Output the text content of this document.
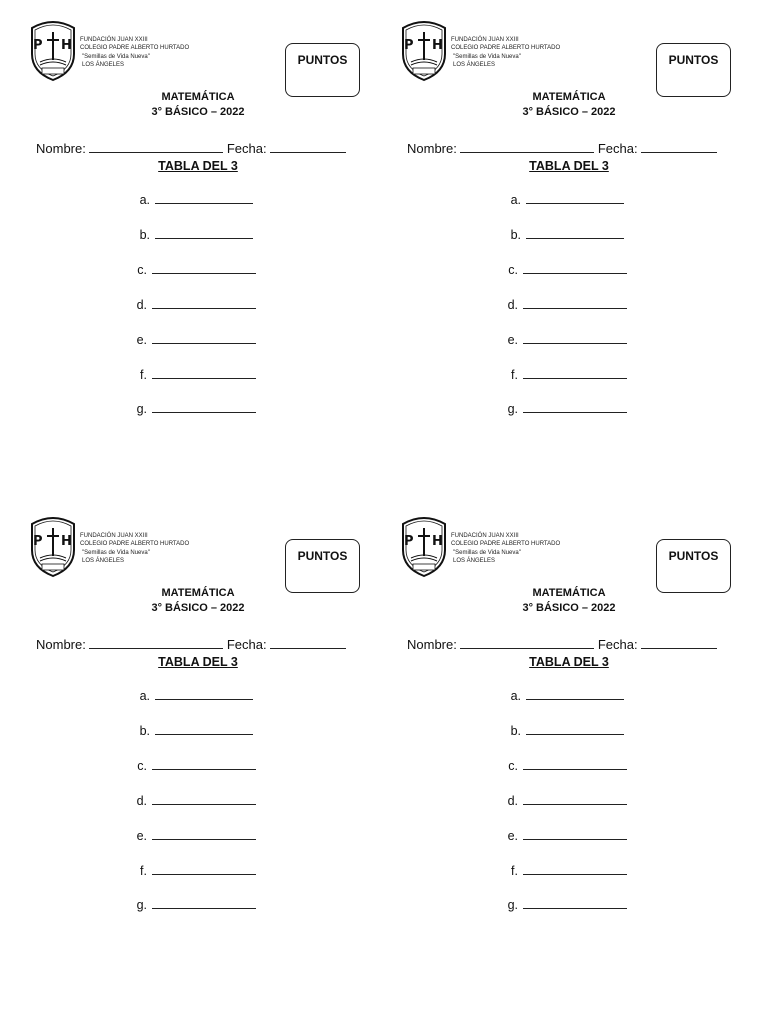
P H FUNDACIÓN JUAN XXIII
COLEGIO PADRE ALBERTO HURTADO
"Semillas de Vida Nueva"
LOS ÁNGELES	PUNTOS
MATEMÁTICA
3° BÁSICO – 2022
Nombre:	Fecha:
TABLA DEL 3
a.
b.
c.
d.
e.
f.
g.
P H FUNDACIÓN JUAN XXIII
COLEGIO PADRE ALBERTO HURTADO
"Semillas de Vida Nueva"
LOS ÁNGELES	PUNTOS
MATEMÁTICA
3° BÁSICO – 2022
Nombre:	Fecha:
TABLA DEL 3
a.
b.
c.
d.
e.
f.
g.
P H FUNDACIÓN JUAN XXIII
COLEGIO PADRE ALBERTO HURTADO
"Semillas de Vida Nueva"
LOS ÁNGELES	PUNTOS
MATEMÁTICA
3° BÁSICO – 2022
Nombre:	Fecha:
TABLA DEL 3
a.
b.
c.
d.
e.
f.
g.
P H FUNDACIÓN JUAN XXIII
COLEGIO PADRE ALBERTO HURTADO
"Semillas de Vida Nueva"
LOS ÁNGELES	PUNTOS
MATEMÁTICA
3° BÁSICO – 2022
Nombre:	Fecha:
TABLA DEL 3
a.
b.
c.
d.
e.
f.
g.
